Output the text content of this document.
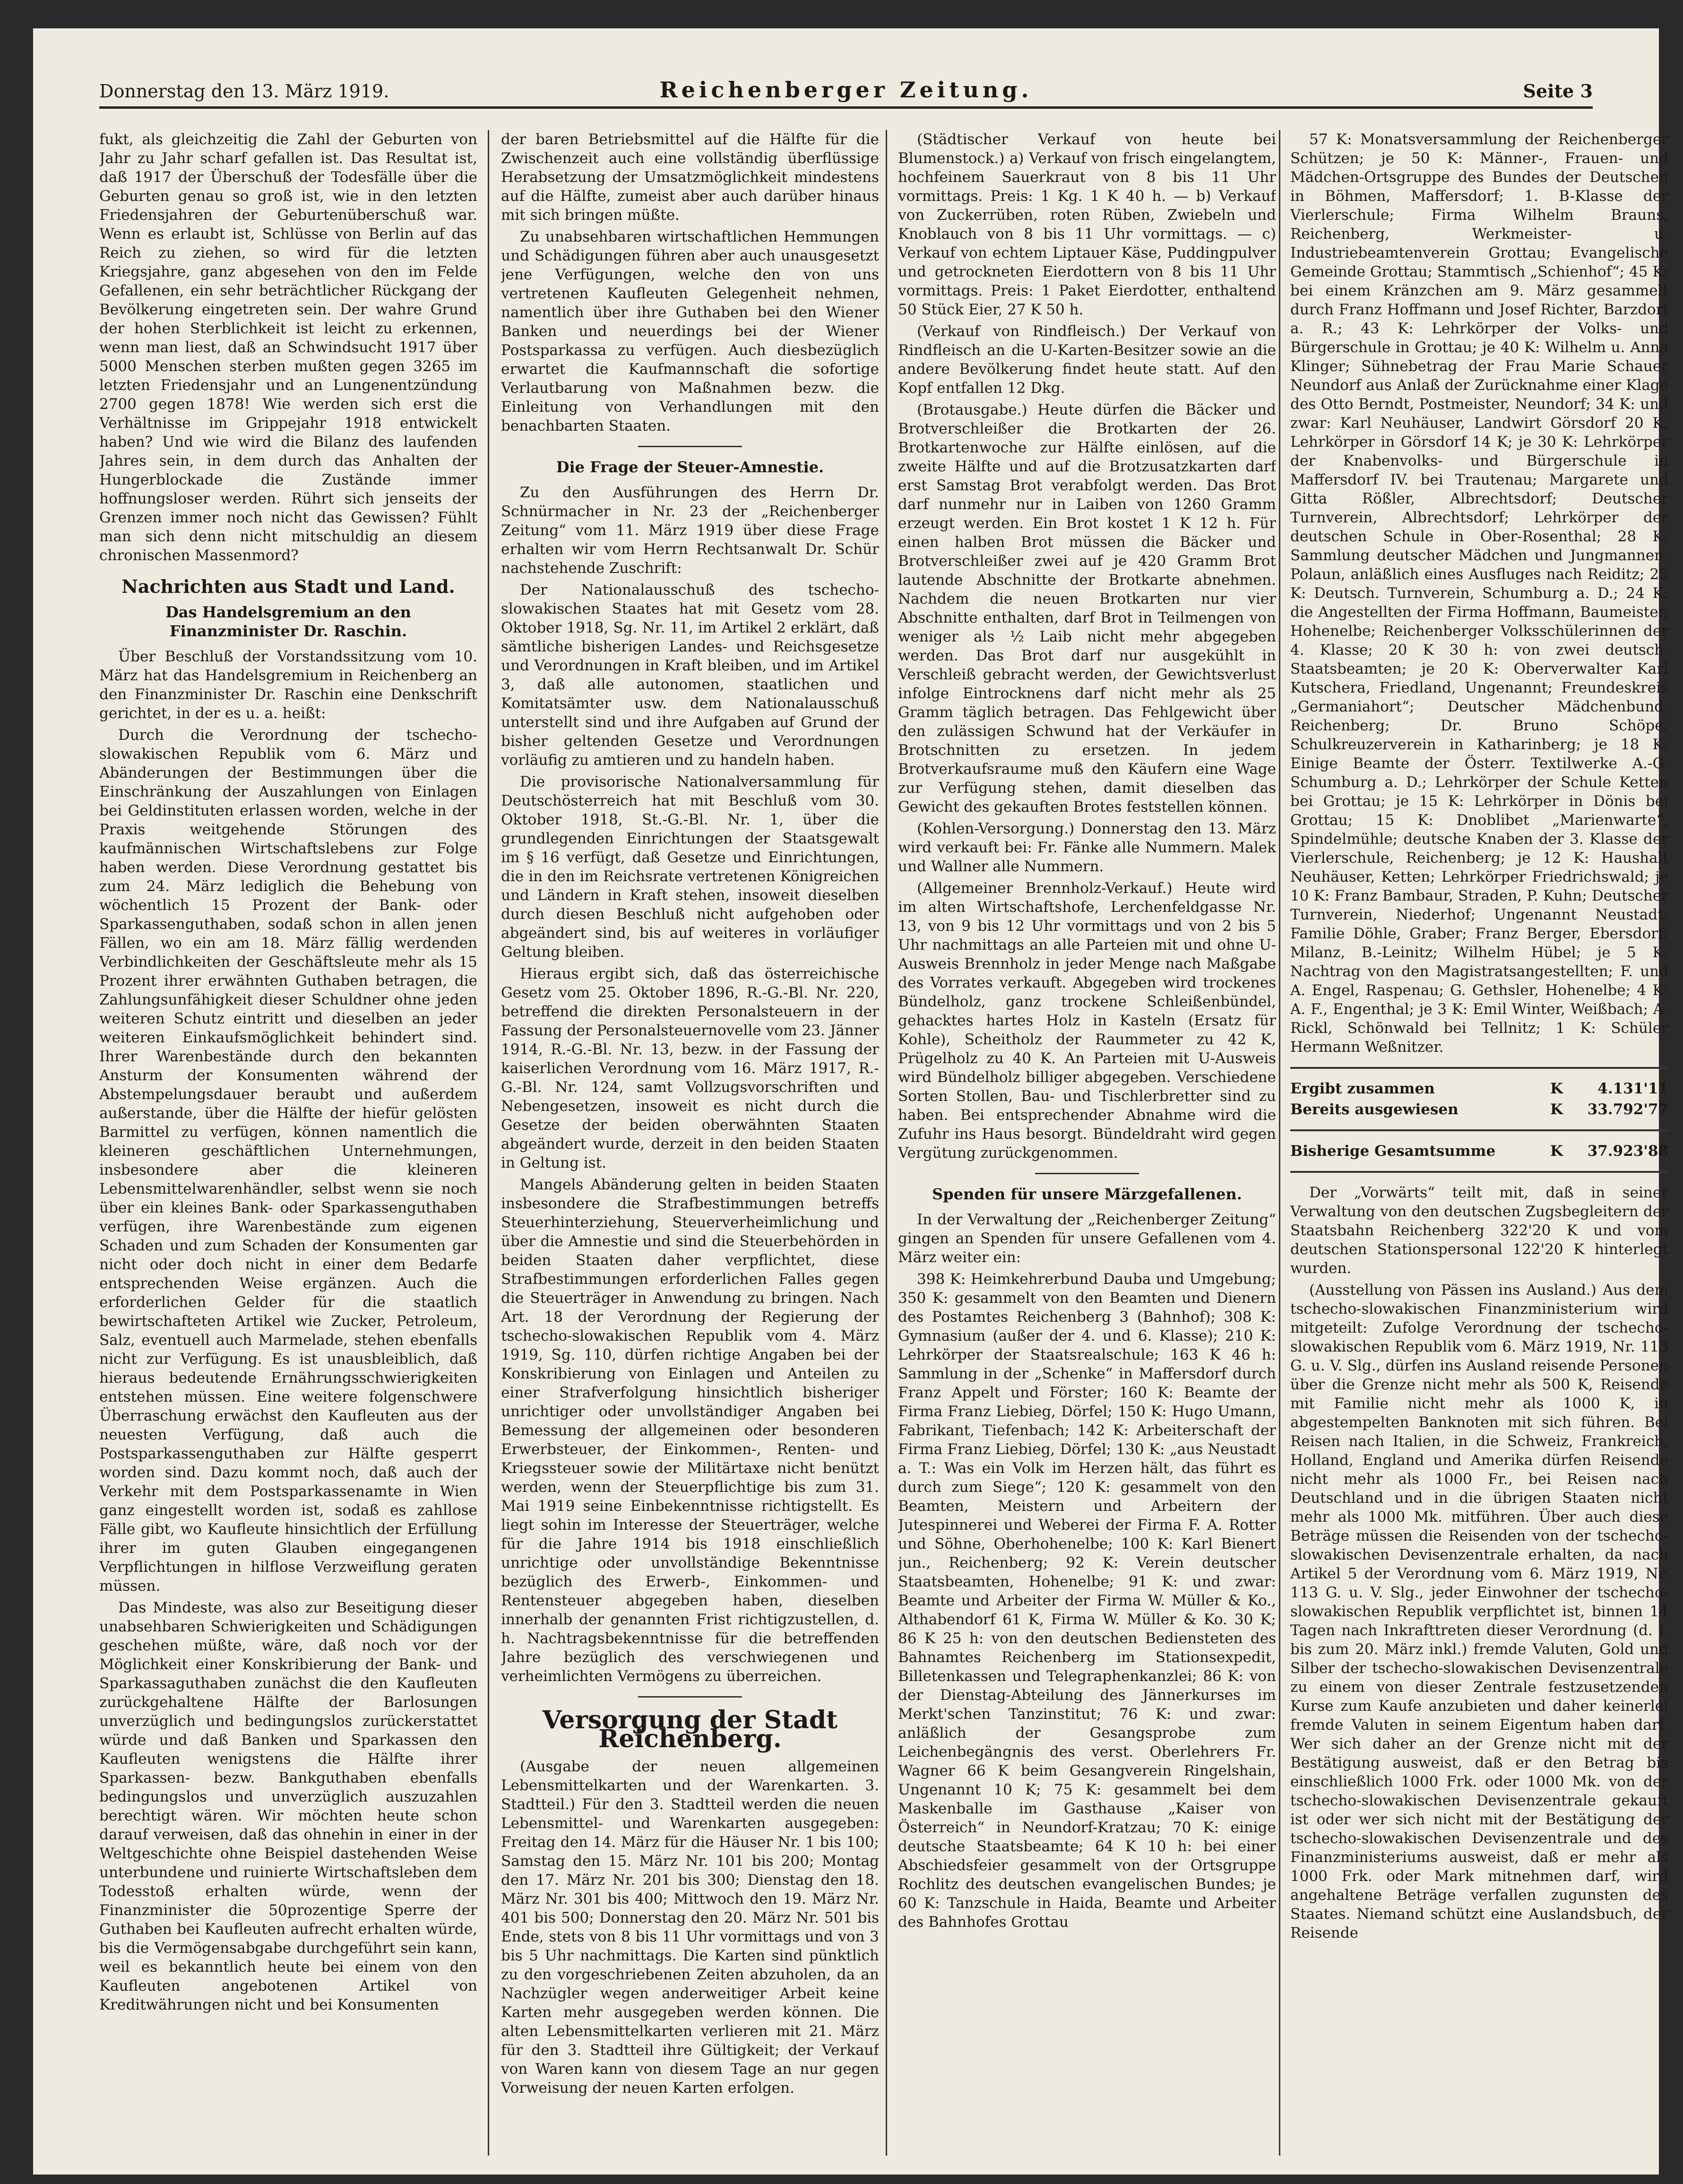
Donnerstag den 13. März 1919.	Reichenberger Zeitung.	Seite 3

fukt, als gleichzeitig die Zahl der Geburten von Jahr zu Jahr scharf gefallen ist. Das Resultat ist, daß 1917 der Überschuß der Todesfälle über die Geburten genau so groß ist, wie in den letzten Friedensjahren der Geburtenüberschuß war. Wenn es erlaubt ist, Schlüsse von Berlin auf das Reich zu ziehen, so wird für die letzten Kriegsjahre, ganz abgesehen von den im Felde Gefallenen, ein sehr beträchtlicher Rückgang der Bevölkerung eingetreten sein. Der wahre Grund der hohen Sterblichkeit ist leicht zu erkennen, wenn man liest, daß an Schwindsucht 1917 über 5000 Menschen sterben mußten gegen 3265 im letzten Friedensjahr und an Lungenentzündung 2700 gegen 1878! Wie werden sich erst die Verhältnisse im Grippejahr 1918 entwickelt haben? Und wie wird die Bilanz des laufenden Jahres sein, in dem durch das Anhalten der Hungerblockade die Zustände immer hoffnungsloser werden. Rührt sich jenseits der Grenzen immer noch nicht das Gewissen? Fühlt man sich denn nicht mitschuldig an diesem chronischen Massenmord?

Nachrichten aus Stadt und Land.
Das Handelsgremium an den Finanzminister Dr. Raschin.

Über Beschluß der Vorstandssitzung vom 10. März hat das Handelsgremium in Reichenberg an den Finanzminister Dr. Raschin eine Denkschrift gerichtet, in der es u. a. heißt:

Durch die Verordnung der tschecho-slowakischen Republik vom 6. März und Abänderungen der Bestimmungen über die Einschränkung der Auszahlungen von Einlagen bei Geldinstituten erlassen worden, welche in der Praxis weitgehende Störungen des kaufmännischen Wirtschaftslebens zur Folge haben werden. Diese Verordnung gestattet bis zum 24. März lediglich die Behebung von wöchentlich 15 Prozent der Bank- oder Sparkassenguthaben, sodaß schon in allen jenen Fällen, wo ein am 18. März fällig werdenden Verbindlichkeiten der Geschäftsleute mehr als 15 Prozent ihrer erwähnten Guthaben betragen, die Zahlungsunfähigkeit dieser Schuldner ohne jeden weiteren Schutz eintritt und dieselben an jeder weiteren Einkaufsmöglichkeit behindert sind. Ihrer Warenbestände durch den bekannten Ansturm der Konsumenten während der Abstempelungsdauer beraubt und außerdem außerstande, über die Hälfte der hiefür gelösten Barmittel zu verfügen, können namentlich die kleineren geschäftlichen Unternehmungen, insbesondere aber die kleineren Lebensmittelwarenhändler, selbst wenn sie noch über ein kleines Bank- oder Sparkassenguthaben verfügen, ihre Warenbestände zum eigenen Schaden und zum Schaden der Konsumenten gar nicht oder doch nicht in einer dem Bedarfe entsprechenden Weise ergänzen. Auch die erforderlichen Gelder für die staatlich bewirtschafteten Artikel wie Zucker, Petroleum, Salz, eventuell auch Marmelade, stehen ebenfalls nicht zur Verfügung. Es ist unausbleiblich, daß hieraus bedeutende Ernährungsschwierigkeiten entstehen müssen. Eine weitere folgenschwere Überraschung erwächst den Kaufleuten aus der neuesten Verfügung, daß auch die Postsparkassenguthaben zur Hälfte gesperrt worden sind. Dazu kommt noch, daß auch der Verkehr mit dem Postsparkassenamte in Wien ganz eingestellt worden ist, sodaß es zahllose Fälle gibt, wo Kaufleute hinsichtlich der Erfüllung ihrer im guten Glauben eingegangenen Verpflichtungen in hilflose Verzweiflung geraten müssen.

Das Mindeste, was also zur Beseitigung dieser unabsehbaren Schwierigkeiten und Schädigungen geschehen müßte, wäre, daß noch vor der Möglichkeit einer Konskribierung der Bank- und Sparkassaguthaben zunächst die den Kaufleuten zurückgehaltene Hälfte der Barlosungen unverzüglich und bedingungslos zurückerstattet würde und daß Banken und Sparkassen den Kaufleuten wenigstens die Hälfte ihrer Sparkassen- bezw. Bankguthaben ebenfalls bedingungslos und unverzüglich auszuzahlen berechtigt wären. Wir möchten heute schon darauf verweisen, daß das ohnehin in einer in der Weltgeschichte ohne Beispiel dastehenden Weise unterbundene und ruinierte Wirtschaftsleben dem Todesstoß erhalten würde, wenn der Finanzminister die 50prozentige Sperre der Guthaben bei Kaufleuten aufrecht erhalten würde, bis die Vermögensabgabe durchgeführt sein kann, weil es bekanntlich heute bei einem von den Kaufleuten angebotenen Artikel von Kreditwährungen nicht und bei Konsumenten

der baren Betriebsmittel auf die Hälfte für die Zwischenzeit auch eine vollständig überflüssige Herabsetzung der Umsatzmöglichkeit mindestens auf die Hälfte, zumeist aber auch darüber hinaus mit sich bringen müßte.

Zu unabsehbaren wirtschaftlichen Hemmungen und Schädigungen führen aber auch unausgesetzt jene Verfügungen, welche den von uns vertretenen Kaufleuten Gelegenheit nehmen, namentlich über ihre Guthaben bei den Wiener Banken und neuerdings bei der Wiener Postsparkassa zu verfügen. Auch diesbezüglich erwartet die Kaufmannschaft die sofortige Verlautbarung von Maßnahmen bezw. die Einleitung von Verhandlungen mit den benachbarten Staaten.

Die Frage der Steuer-Amnestie.

Zu den Ausführungen des Herrn Dr. Schnürmacher in Nr. 23 der „Reichenberger Zeitung“ vom 11. März 1919 über diese Frage erhalten wir vom Herrn Rechtsanwalt Dr. Schür nachstehende Zuschrift:

Der Nationalausschuß des tschecho-slowakischen Staates hat mit Gesetz vom 28. Oktober 1918, Sg. Nr. 11, im Artikel 2 erklärt, daß sämtliche bisherigen Landes- und Reichsgesetze und Verordnungen in Kraft bleiben, und im Artikel 3, daß alle autonomen, staatlichen und Komitatsämter usw. dem Nationalausschuß unterstellt sind und ihre Aufgaben auf Grund der bisher geltenden Gesetze und Verordnungen vorläufig zu amtieren und zu handeln haben.

Die provisorische Nationalversammlung für Deutschösterreich hat mit Beschluß vom 30. Oktober 1918, St.-G.-Bl. Nr. 1, über die grundlegenden Einrichtungen der Staatsgewalt im § 16 verfügt, daß Gesetze und Einrichtungen, die in den im Reichsrate vertretenen Königreichen und Ländern in Kraft stehen, insoweit dieselben durch diesen Beschluß nicht aufgehoben oder abgeändert sind, bis auf weiteres in vorläufiger Geltung bleiben.

Hieraus ergibt sich, daß das österreichische Gesetz vom 25. Oktober 1896, R.-G.-Bl. Nr. 220, betreffend die direkten Personalsteuern in der Fassung der Personalsteuernovelle vom 23. Jänner 1914, R.-G.-Bl. Nr. 13, bezw. in der Fassung der kaiserlichen Verordnung vom 16. März 1917, R.-G.-Bl. Nr. 124, samt Vollzugsvorschriften und Nebengesetzen, insoweit es nicht durch die Gesetze der beiden oberwähnten Staaten abgeändert wurde, derzeit in den beiden Staaten in Geltung ist.

Mangels Abänderung gelten in beiden Staaten insbesondere die Strafbestimmungen betreffs Steuerhinterziehung, Steuerverheimlichung und über die Amnestie und sind die Steuerbehörden in beiden Staaten daher verpflichtet, diese Strafbestimmungen erforderlichen Falles gegen die Steuerträger in Anwendung zu bringen. Nach Art. 18 der Verordnung der Regierung der tschecho-slowakischen Republik vom 4. März 1919, Sg. 110, dürfen richtige Angaben bei der Konskribierung von Einlagen und Anteilen zu einer Strafverfolgung hinsichtlich bisheriger unrichtiger oder unvollständiger Angaben bei Bemessung der allgemeinen oder besonderen Erwerbsteuer, der Einkommen-, Renten- und Kriegssteuer sowie der Militärtaxe nicht benützt werden, wenn der Steuerpflichtige bis zum 31. Mai 1919 seine Einbekenntnisse richtigstellt. Es liegt sohin im Interesse der Steuerträger, welche für die Jahre 1914 bis 1918 einschließlich unrichtige oder unvollständige Bekenntnisse bezüglich des Erwerb-, Einkommen- und Rentensteuer abgegeben haben, dieselben innerhalb der genannten Frist richtigzustellen, d. h. Nachtragsbekenntnisse für die betreffenden Jahre bezüglich des verschwiegenen und verheimlichten Vermögens zu überreichen.

Versorgung der Stadt Reichenberg.

(Ausgabe der neuen allgemeinen Lebensmittelkarten und der Warenkarten. 3. Stadtteil.) Für den 3. Stadtteil werden die neuen Lebensmittel- und Warenkarten ausgegeben: Freitag den 14. März für die Häuser Nr. 1 bis 100; Samstag den 15. März Nr. 101 bis 200; Montag den 17. März Nr. 201 bis 300; Dienstag den 18. März Nr. 301 bis 400; Mittwoch den 19. März Nr. 401 bis 500; Donnerstag den 20. März Nr. 501 bis Ende, stets von 8 bis 11 Uhr vormittags und von 3 bis 5 Uhr nachmittags. Die Karten sind pünktlich zu den vorgeschriebenen Zeiten abzuholen, da an Nachzügler wegen anderweitiger Arbeit keine Karten mehr ausgegeben werden können. Die alten Lebensmittelkarten verlieren mit 21. März für den 3. Stadtteil ihre Gültigkeit; der Verkauf von Waren kann von diesem Tage an nur gegen Vorweisung der neuen Karten erfolgen.

(Städtischer Verkauf von heute bei Blumenstock.) a) Verkauf von frisch eingelangtem, hochfeinem Sauerkraut von 8 bis 11 Uhr vormittags. Preis: 1 Kg. 1 K 40 h. — b) Verkauf von Zuckerrüben, roten Rüben, Zwiebeln und Knoblauch von 8 bis 11 Uhr vormittags. — c) Verkauf von echtem Liptauer Käse, Puddingpulver und getrockneten Eierdottern von 8 bis 11 Uhr vormittags. Preis: 1 Paket Eierdotter, enthaltend 50 Stück Eier, 27 K 50 h.

(Verkauf von Rindfleisch.) Der Verkauf von Rindfleisch an die U-Karten-Besitzer sowie an die andere Bevölkerung findet heute statt. Auf den Kopf entfallen 12 Dkg.

(Brotausgabe.) Heute dürfen die Bäcker und Brotverschleißer die Brotkarten der 26. Brotkartenwoche zur Hälfte einlösen, auf die zweite Hälfte und auf die Brotzusatzkarten darf erst Samstag Brot verabfolgt werden. Das Brot darf nunmehr nur in Laiben von 1260 Gramm erzeugt werden. Ein Brot kostet 1 K 12 h. Für einen halben Brot müssen die Bäcker und Brotverschleißer zwei auf je 420 Gramm Brot lautende Abschnitte der Brotkarte abnehmen. Nachdem die neuen Brotkarten nur vier Abschnitte enthalten, darf Brot in Teilmengen von weniger als ½ Laib nicht mehr abgegeben werden. Das Brot darf nur ausgekühlt in Verschleiß gebracht werden, der Gewichtsverlust infolge Eintrocknens darf nicht mehr als 25 Gramm täglich betragen. Das Fehlgewicht über den zulässigen Schwund hat der Verkäufer in Brotschnitten zu ersetzen. In jedem Brotverkaufsraume muß den Käufern eine Wage zur Verfügung stehen, damit dieselben das Gewicht des gekauften Brotes feststellen können.

(Kohlen-Versorgung.) Donnerstag den 13. März wird verkauft bei: Fr. Fänke alle Nummern. Malek und Wallner alle Nummern.

(Allgemeiner Brennholz-Verkauf.) Heute wird im alten Wirtschaftshofe, Lerchenfeldgasse Nr. 13, von 9 bis 12 Uhr vormittags und von 2 bis 5 Uhr nachmittags an alle Parteien mit und ohne U-Ausweis Brennholz in jeder Menge nach Maßgabe des Vorrates verkauft. Abgegeben wird trockenes Bündelholz, ganz trockene Schleißenbündel, gehacktes hartes Holz in Kasteln (Ersatz für Kohle), Scheitholz der Raummeter zu 42 K, Prügelholz zu 40 K. An Parteien mit U-Ausweis wird Bündelholz billiger abgegeben. Verschiedene Sorten Stollen, Bau- und Tischlerbretter sind zu haben. Bei entsprechender Abnahme wird die Zufuhr ins Haus besorgt. Bündeldraht wird gegen Vergütung zurückgenommen.

Spenden für unsere Märzgefallenen.

In der Verwaltung der „Reichenberger Zeitung“ gingen an Spenden für unsere Gefallenen vom 4. März weiter ein:

398 K: Heimkehrerbund Dauba und Umgebung; 350 K: gesammelt von den Beamten und Dienern des Postamtes Reichenberg 3 (Bahnhof); 308 K: Gymnasium (außer der 4. und 6. Klasse); 210 K: Lehrkörper der Staatsrealschule; 163 K 46 h: Sammlung in der „Schenke“ in Maffersdorf durch Franz Appelt und Förster; 160 K: Beamte der Firma Franz Liebieg, Dörfel; 150 K: Hugo Umann, Fabrikant, Tiefenbach; 142 K: Arbeiterschaft der Firma Franz Liebieg, Dörfel; 130 K: „aus Neustadt a. T.: Was ein Volk im Herzen hält, das führt es durch zum Siege“; 120 K: gesammelt von den Beamten, Meistern und Arbeitern der Jutespinnerei und Weberei der Firma F. A. Rotter und Söhne, Oberhohenelbe; 100 K: Karl Bienert jun., Reichenberg; 92 K: Verein deutscher Staatsbeamten, Hohenelbe; 91 K: und zwar: Beamte und Arbeiter der Firma W. Müller & Ko., Althabendorf 61 K, Firma W. Müller & Ko. 30 K; 86 K 25 h: von den deutschen Bediensteten des Bahnamtes Reichenberg im Stationsexpedit, Billetenkassen und Telegraphenkanzlei; 86 K: von der Dienstag-Abteilung des Jännerkurses im Merkt'schen Tanzinstitut; 76 K: und zwar: anläßlich der Gesangsprobe zum Leichenbegängnis des verst. Oberlehrers Fr. Wagner 66 K beim Gesangverein Ringelshain, Ungenannt 10 K; 75 K: gesammelt bei dem Maskenballe im Gasthause „Kaiser von Österreich“ in Neundorf-Kratzau; 70 K: einige deutsche Staatsbeamte; 64 K 10 h: bei einer Abschiedsfeier gesammelt von der Ortsgruppe Rochlitz des deutschen evangelischen Bundes; je 60 K: Tanzschule in Haida, Beamte und Arbeiter des Bahnhofes Grottau

57 K: Monatsversammlung der Reichenberger Schützen; je 50 K: Männer-, Frauen- und Mädchen-Ortsgruppe des Bundes der Deutschen in Böhmen, Maffersdorf; 1. B-Klasse der Vierlerschule; Firma Wilhelm Brauns, Reichenberg, Werkmeister- u. Industriebeamtenverein Grottau; Evangelische Gemeinde Grottau; Stammtisch „Schienhof“; 45 K: bei einem Kränzchen am 9. März gesammelt durch Franz Hoffmann und Josef Richter, Barzdorf a. R.; 43 K: Lehrkörper der Volks- und Bürgerschule in Grottau; je 40 K: Wilhelm u. Anna Klinger; Sühnebetrag der Frau Marie Schauer Neundorf aus Anlaß der Zurücknahme einer Klage des Otto Berndt, Postmeister, Neundorf; 34 K: und zwar: Karl Neuhäuser, Landwirt Görsdorf 20 K; Lehrkörper in Görsdorf 14 K; je 30 K: Lehrkörper der Knabenvolks- und Bürgerschule in Maffersdorf IV. bei Trautenau; Margarete und Gitta Rößler, Albrechtsdorf; Deutscher Turnverein, Albrechtsdorf; Lehrkörper der deutschen Schule in Ober-Rosenthal; 28 K: Sammlung deutscher Mädchen und Jungmannen, Polaun, anläßlich eines Ausfluges nach Reiditz; 25 K: Deutsch. Turnverein, Schumburg a. D.; 24 K: die Angestellten der Firma Hoffmann, Baumeister, Hohenelbe; Reichenberger Volksschülerinnen der 4. Klasse; 20 K 30 h: von zwei deutsch. Staatsbeamten; je 20 K: Oberverwalter Karl Kutschera, Friedland, Ungenannt; Freundeskreis „Germaniahort“; Deutscher Mädchenbund, Reichenberg; Dr. Bruno Schöpe; Schulkreuzerverein in Katharinberg; je 18 K: Einige Beamte der Österr. Textilwerke A.-G. Schumburg a. D.; Lehrkörper der Schule Ketten bei Grottau; je 15 K: Lehrkörper in Dönis bei Grottau; 15 K: Dnoblibet „Marienwarte“, Spindelmühle; deutsche Knaben der 3. Klasse der Vierlerschule, Reichenberg; je 12 K: Haushalt Neuhäuser, Ketten; Lehrkörper Friedrichswald; je 10 K: Franz Bambaur, Straden, P. Kuhn; Deutscher Turnverein, Niederhof; Ungenannt Neustadt; Familie Döhle, Graber; Franz Berger, Ebersdorf; Milanz, B.-Leinitz; Wilhelm Hübel; je 5 K: Nachtrag von den Magistratsangestellten; F. und A. Engel, Raspenau; G. Gethsler, Hohenelbe; 4 K: A. F., Engenthal; je 3 K: Emil Winter, Weißbach; A. Rickl, Schönwald bei Tellnitz; 1 K: Schüler Hermann Weßnitzer.

Ergibt zusammen	K	4.131'11
Bereits ausgewiesen	K	33.792'77
Bisherige Gesamtsumme	K	37.923'88

Der „Vorwärts“ teilt mit, daß in seiner Verwaltung von den deutschen Zugsbegleitern der Staatsbahn Reichenberg 322'20 K und vom deutschen Stationspersonal 122'20 K hinterlegt wurden.

(Ausstellung von Pässen ins Ausland.) Aus dem tschecho-slowakischen Finanzministerium wird mitgeteilt: Zufolge Verordnung der tschecho-slowakischen Republik vom 6. März 1919, Nr. 113 G. u. V. Slg., dürfen ins Ausland reisende Personen über die Grenze nicht mehr als 500 K, Reisende mit Familie nicht mehr als 1000 K, in abgestempelten Banknoten mit sich führen. Bei Reisen nach Italien, in die Schweiz, Frankreich, Holland, England und Amerika dürfen Reisende nicht mehr als 1000 Fr., bei Reisen nach Deutschland und in die übrigen Staaten nicht mehr als 1000 Mk. mitführen. Über auch diese Beträge müssen die Reisenden von der tschecho-slowakischen Devisenzentrale erhalten, da nach Artikel 5 der Verordnung vom 6. März 1919, Nr. 113 G. u. V. Slg., jeder Einwohner der tschecho-slowakischen Republik verpflichtet ist, binnen 14 Tagen nach Inkrafttreten dieser Verordnung (d. i. bis zum 20. März inkl.) fremde Valuten, Gold und Silber der tschecho-slowakischen Devisenzentrale zu einem von dieser Zentrale festzusetzenden Kurse zum Kaufe anzubieten und daher keinerlei fremde Valuten in seinem Eigentum haben darf. Wer sich daher an der Grenze nicht mit der Bestätigung ausweist, daß er den Betrag bis einschließlich 1000 Frk. oder 1000 Mk. von der tschecho-slowakischen Devisenzentrale gekauft ist oder wer sich nicht mit der Bestätigung der tschecho-slowakischen Devisenzentrale und des Finanzministeriums ausweist, daß er mehr als 1000 Frk. oder Mark mitnehmen darf, wird angehaltene Beträge verfallen zugunsten des Staates. Niemand schützt eine Auslandsbuch, der Reisende
